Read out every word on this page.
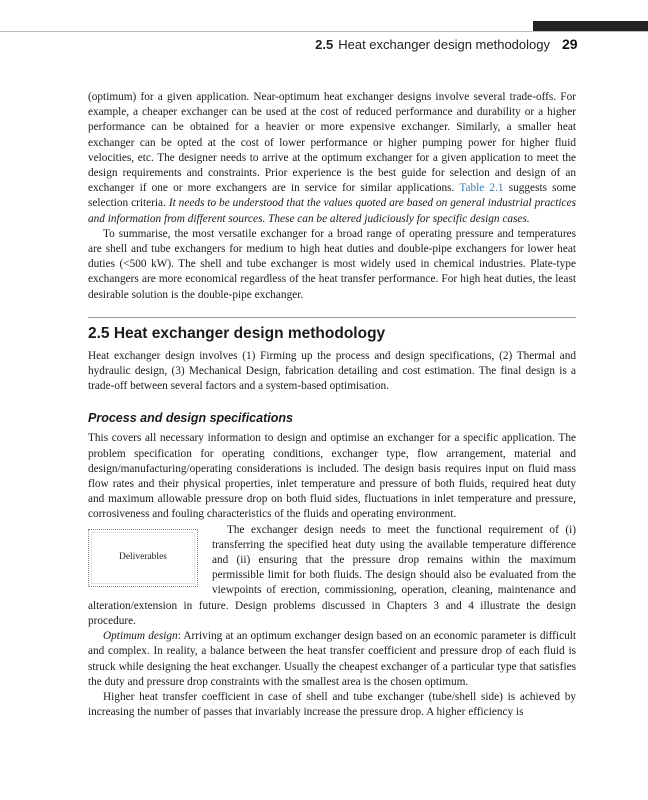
2.5 Heat exchanger design methodology 29

(optimum) for a given application. Near-optimum heat exchanger designs involve several trade-offs. For example, a cheaper exchanger can be used at the cost of reduced performance and durability or a higher performance can be obtained for a heavier or more expensive exchanger. Similarly, a smaller heat exchanger can be opted at the cost of lower performance or higher pumping power for higher fluid velocities, etc. The designer needs to arrive at the optimum exchanger for a given application to meet the design requirements and constraints. Prior experience is the best guide for selection and design of an exchanger if one or more exchangers are in service for similar applications. Table 2.1 suggests some selection criteria. It needs to be understood that the values quoted are based on general industrial practices and information from different sources. These can be altered judiciously for specific design cases.

To summarise, the most versatile exchanger for a broad range of operating pressure and temperatures are shell and tube exchangers for medium to high heat duties and double-pipe exchangers for lower heat duties (<500 kW). The shell and tube exchanger is most widely used in chemical industries. Plate-type exchangers are more economical regardless of the heat transfer performance. For high heat duties, the least desirable solution is the double-pipe exchanger.

2.5 Heat exchanger design methodology

Heat exchanger design involves (1) Firming up the process and design specifications, (2) Thermal and hydraulic design, (3) Mechanical Design, fabrication detailing and cost estimation. The final design is a trade-off between several factors and a system-based optimisation.

Process and design specifications

This covers all necessary information to design and optimise an exchanger for a specific application. The problem specification for operating conditions, exchanger type, flow arrangement, material and design/manufacturing/operating considerations is included. The design basis requires input on fluid mass flow rates and their physical properties, inlet temperature and pressure of both fluids, required heat duty and maximum allowable pressure drop on both fluid sides, fluctuations in inlet temperature and pressure, corrosiveness and fouling characteristics of the fluids and operating environment.

Deliverables

The exchanger design needs to meet the functional requirement of (i) transferring the specified heat duty using the available temperature difference and (ii) ensuring that the pressure drop remains within the maximum permissible limit for both fluids. The design should also be evaluated from the viewpoints of erection, commissioning, operation, cleaning, maintenance and alteration/extension in future. Design problems discussed in Chapters 3 and 4 illustrate the design procedure.

Optimum design: Arriving at an optimum exchanger design based on an economic parameter is difficult and complex. In reality, a balance between the heat transfer coefficient and pressure drop of each fluid is struck while designing the heat exchanger. Usually the cheapest exchanger of a particular type that satisfies the duty and pressure drop constraints with the smallest area is the chosen optimum.

Higher heat transfer coefficient in case of shell and tube exchanger (tube/shell side) is achieved by increasing the number of passes that invariably increase the pressure drop. A higher efficiency is
